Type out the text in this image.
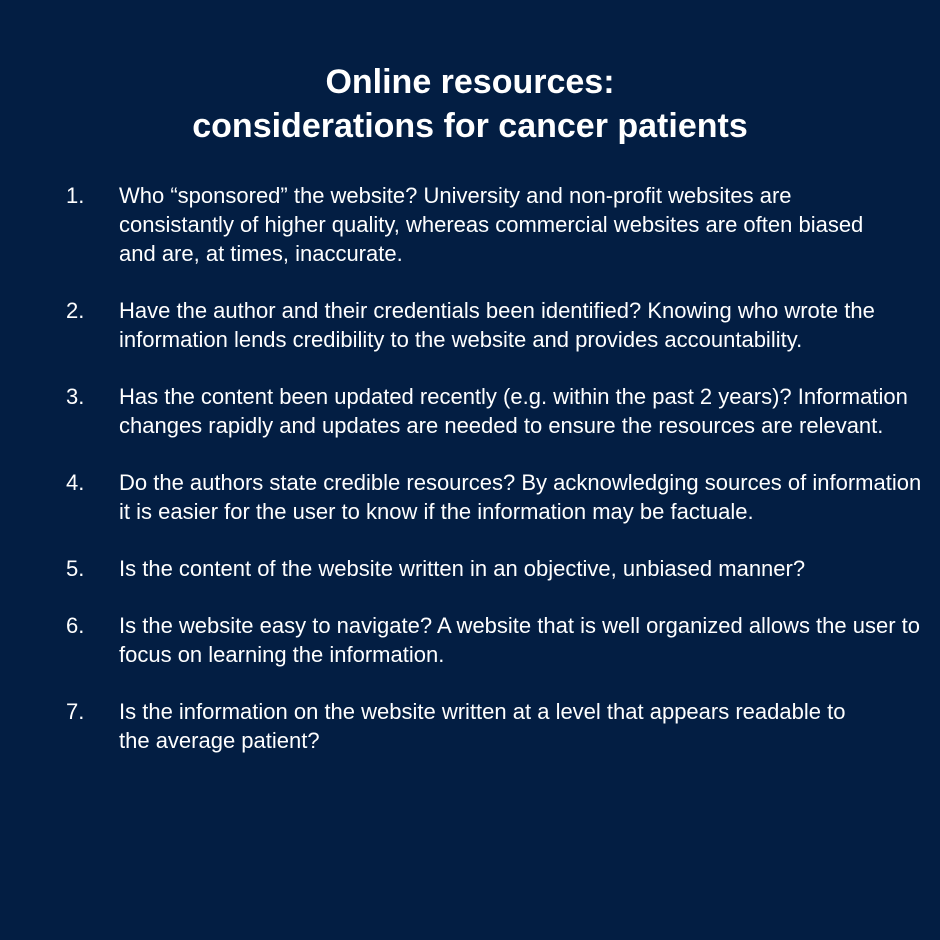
Online resources:
considerations for cancer patients
1. Who “sponsored” the website? University and non-profit websites are consistantly of higher quality, whereas commercial websites are often biased and are, at times, inaccurate.
2. Have the author and their credentials been identified? Knowing who wrote the information lends credibility to the website and provides accountability.
3. Has the content been updated recently (e.g. within the past 2 years)? Information changes rapidly and updates are needed to ensure the resources are relevant.
4. Do the authors state credible resources? By acknowledging sources of information it is easier for the user to know if the information may be factuale.
5. Is the content of the website written in an objective, unbiased manner?
6. Is the website easy to navigate? A website that is well organized allows the user to focus on learning the information.
7. Is the information on the website written at a level that appears readable to the average patient?
